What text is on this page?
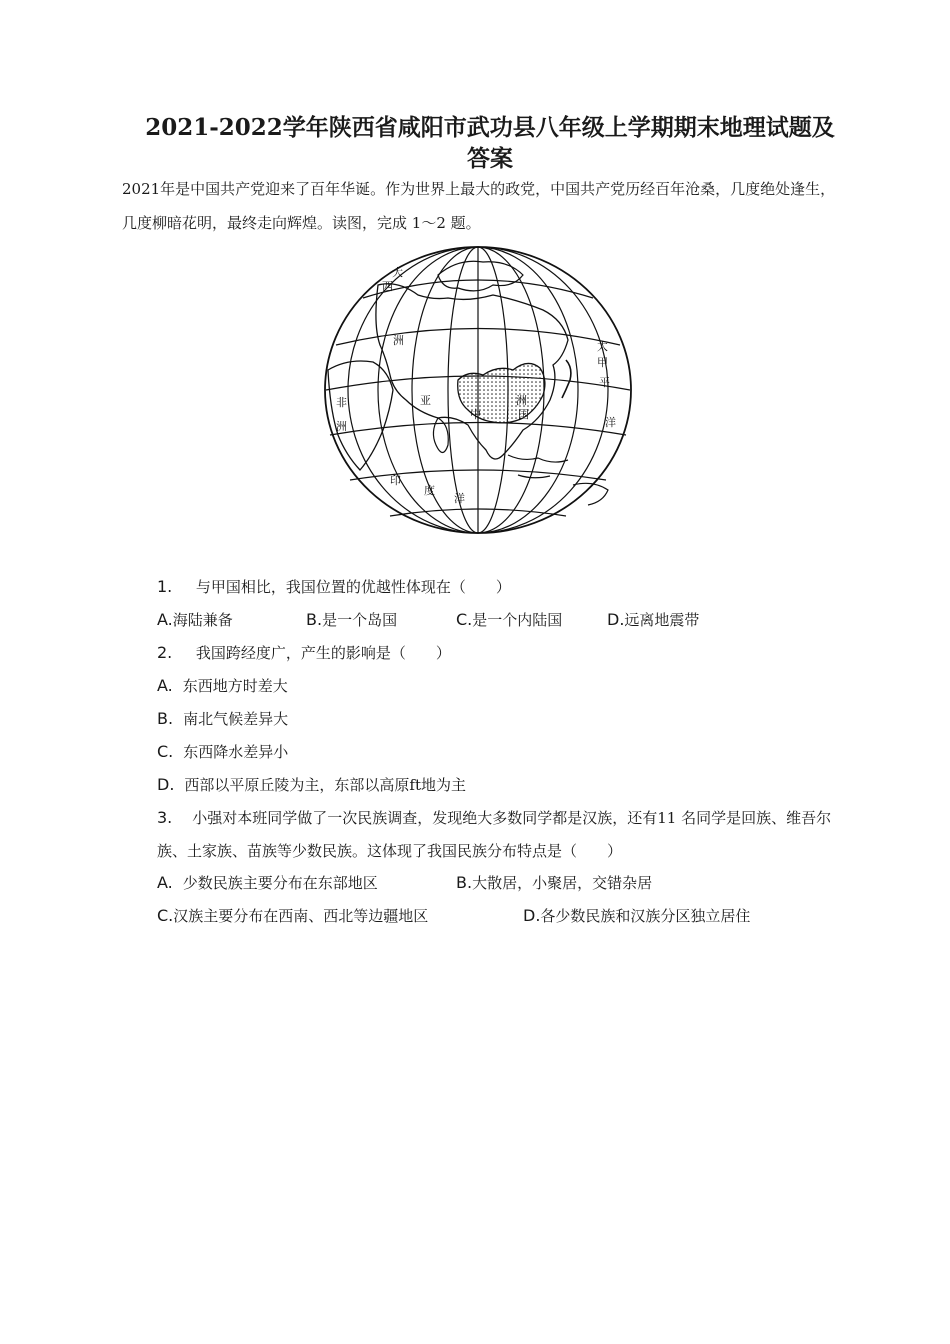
2021-2022学年陕西省咸阳市武功县八年级上学期期末地理试题及
答案

2021年是中国共产党迎来了百年华诞。作为世界上最大的政党，中国共产党历经百年沧桑，几度绝处逢生，几度柳暗花明，最终走向辉煌。读图，完成 1～2 题。

大
西
洲
非
洲
亚
中	国
洲
甲
太
平
洋
印
度
洋
1. 与甲国相比，我国位置的优越性体现在（　　）
A.海陆兼备	B.是一个岛国	C.是一个内陆国	D.远离地震带
2. 我国跨经度广，产生的影响是（　　）
A. 东西地方时差大
B. 南北气候差异大
C. 东西降水差异小
D. 西部以平原丘陵为主，东部以高原ft地为主
3. 小强对本班同学做了一次民族调查，发现绝大多数同学都是汉族，还有11 名同学是回族、维吾尔族、土家族、苗族等少数民族。这体现了我国民族分布特点是（　　）
A. 少数民族主要分布在东部地区	B.大散居，小聚居，交错杂居
C.汉族主要分布在西南、西北等边疆地区	D.各少数民族和汉族分区独立居住
